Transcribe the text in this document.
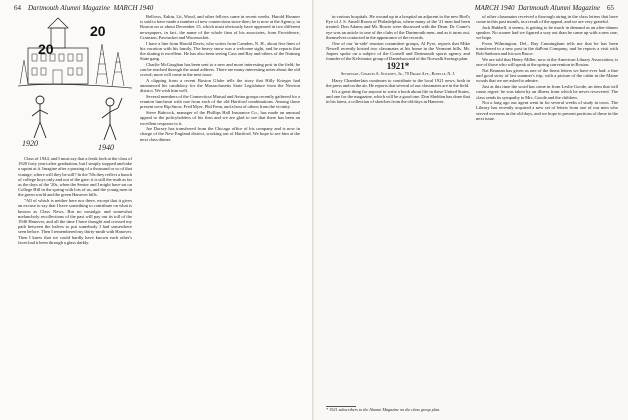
64 Dartmouth Alumni Magazine MARCH 1940
20
20
1920	1940

Class of 1944, and I must say that a freak look at the class of 1920 forty years after graduation, but I simply stopped and take a squint at it. Imagine after a passing of a thousand or so of that vintage, where will they be still? In the '50s they reflect a bunch of college boys only and out of the gate; it is still the truth as far as the days of the '20s, when the Senior and I might have sat on College Hill in the spring with lots of us, and the young men in the green world and the green Hanover hills.

"All of which is neither here nor there, except that it gives an excuse to say that I have something to contribute on what is known as Class News. But no nostalgic and somewhat melancholy recollections of the past will pay out its toll of the 1940 Hanover, and all the time I have thought and crossed my path between the halves to put somebody I had somewhere seen before. Then I remembered my thirty-ninth with Hanover. Then I knew that we could hardly have known each other's faces had it been through a glass darkly.

Bellows, Eakin, Lit, Wood, and other fellows came in recent weeks. Harold Hosmer is said to have made a number of new connections since then; he is now at the Agency, in Boston on or about December 15, which must obviously have appeared in two different newspapers, in fact, the name of the whole firm of his associates, from Providence, Cranston, Pawtucket and Woonsocket.

I have a line from Harold Davis, who writes from Camden, N. H., about five lines of his vacation with his family. The heavy snow was a welcome sight, and he reports that the skating is excellent. He has also been seeing Cass and Ray and others of the Nutmeg State gang.

Charlie McGaughan has been sent to a new and more interesting post in the field; he can be reached through the usual address. There are many interesting notes about the old crowd; more will come in the next issue.

A clipping from a recent Boston Globe tells the story that Hilly Krieger had announced his candidacy for the Massachusetts State Legislature from the Newton district. We wish him well.

Several members of the Connecticut Mutual and Aetna groups recently gathered for a reunion luncheon with one from each of the old Hartford combinations. Among those present were Rip Snow, Fred Myer, Phil Fenn, and a host of others from the vicinity.

Steve Babcock, manager of the Phillips Hall Insurance Co., has made an unusual appeal to the policyholders of his firm and we are glad to see that there has been an excellent response to it.

Joe Dorsey has transferred from the Chicago office of his company and is now in charge of the New England district, working out of Hartford. We hope to see him at the next class dinner.

MARCH 1940 Dartmouth Alumni Magazine 65

in various hospitals. He wound up in a hospital on adjacent to the new Bird's Eye of J. S. Ansell Room of Philadelphia, where many of the '21 men had been treated. Don Adams and Mr. Bowie were discussed with the Dean. Dr. Crane's eye was an article to one of the clubs of the Dartmouth men, and as it turns out, themselves contacted in the appearance of the records.

One of our 'in-side' reunion committee groups, Al Fyre, reports that Mike Newell recently hosted two classmates at his home in the Vermont hills. Mr. Jaques spoke on a subject of the Cornell and Dartmouth sports agency and founder of the Kelvinator group of Danielson and of the Norwalk Savings plan.

1921*
Secretary, Charles A. Stickney, Jr., 70 Drake Ave., Roselle, N. J.

Harry Chamberlain continues to contribute to the local 1921 news, both in the press and on the air. He reports that several of our classmates are in the field.

It's a great thing for anyone to write a book about life in these United States, and one for the magazine, which will be a good one. Don Sheldon has done that in his latest, a collection of sketches from the old days in Hanover.

of other classmates received a thorough airing in the class letters that have come in this past month, as a result of the appeal, and we are very grateful.

Jack Hubbell, it seems, is getting to be much in demand as an after-dinner speaker. No sooner had we figured a way out than he came up with a new one, we hope.

From Wilmington, Del., Ray Cunningham tells me that he has been transferred to a new post in the duPont Company, and he reports a visit with Bob Sanborn and his son Bruce.

We are told that Henry Miller, now at the American Library Association, is one of those who will speak at the spring convention in Boston.

Nat Beaman has given us one of the finest letters we have ever had: a fine and good story of last summer's trip, with a picture of the cabin in the Maine woods that we are asked to admire.

Just at this time the word has come in from Leslie Goode, an item that will cause regret: he was taken by an illness from which he never recovered. The class sends its sympathy to Mrs. Goode and the children.

Not a long ago our agent went in for several weeks of study in town. The Library has recently acquired a new set of letters from one of our men who served overseas in the old days, and we hope to present portions of these in the next issue.

* 1921 subscribers to the Alumni Magazine on the class group plan.
